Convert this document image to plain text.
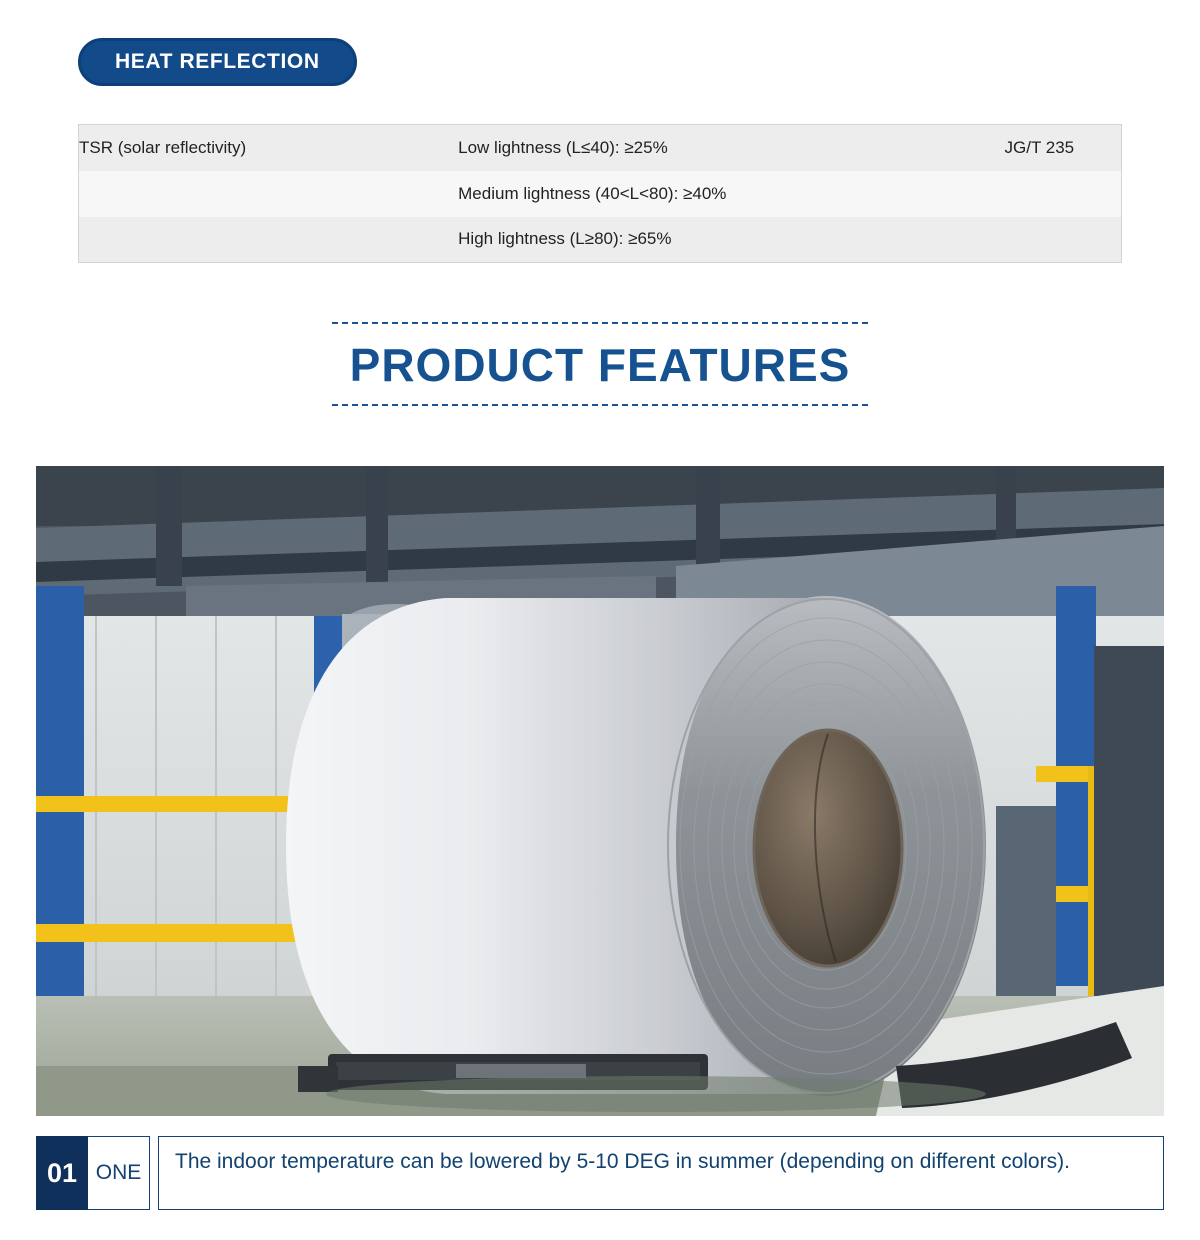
HEAT REFLECTION
TSR (solar reflectivity)	Low lightness (L≤40): ≥25%	JG/T 235
	Medium lightness (40<L<80): ≥40%	
	High lightness (L≥80): ≥65%	
PRODUCT FEATURES
01 ONE	The indoor temperature can be lowered by 5-10 DEG in summer (depending on different colors).
